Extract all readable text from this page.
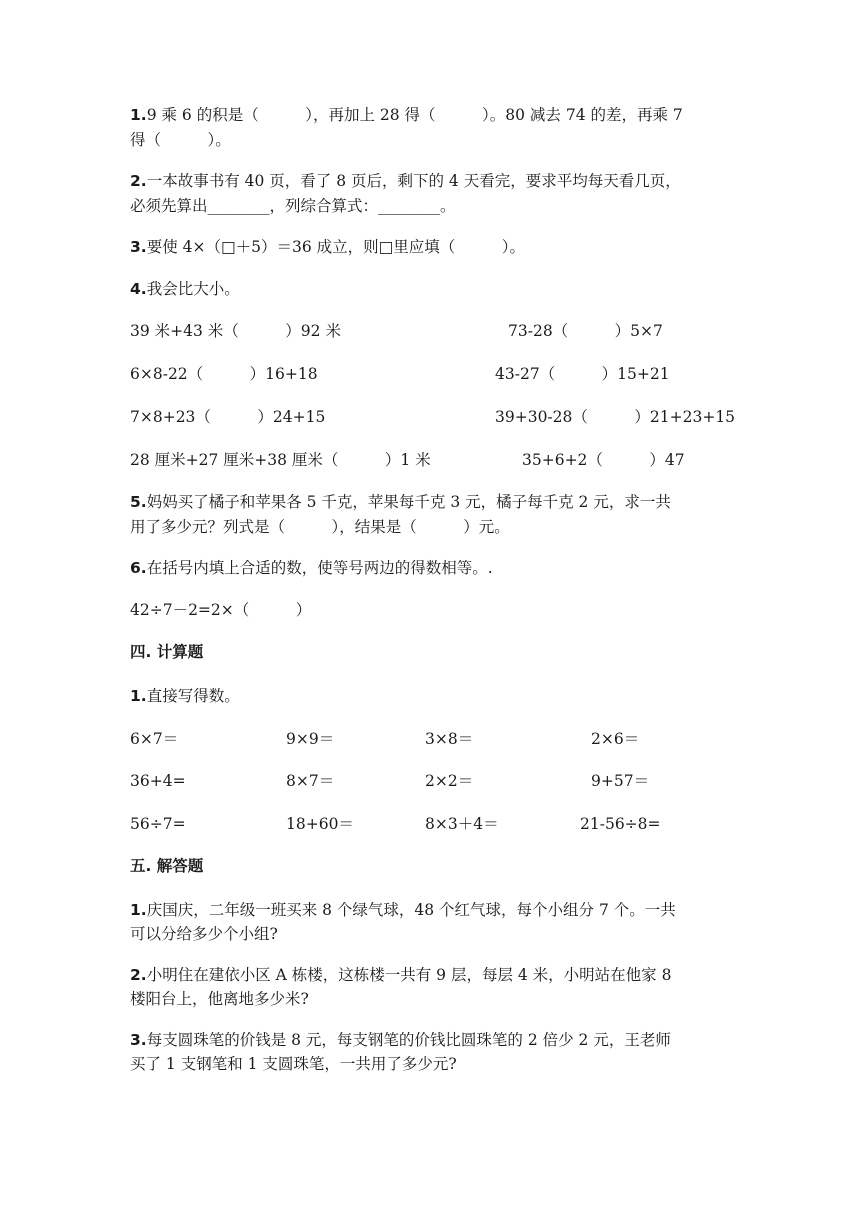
1.9 乘 6 的积是（　　　），再加上 28 得（　　　）。80 减去 74 的差，再乘 7
得（　　　）。
2.一本故事书有 40 页，看了 8 页后，剩下的 4 天看完，要求平均每天看几页，
必须先算出________，列综合算式：________。
3.要使 4×（□＋5）＝36 成立，则□里应填（　　　）。
4.我会比大小。
39 米+43 米（　　　）92 米	73-28（　　　）5×7
6×8-22（　　　）16+18	43-27（　　　）15+21
7×8+23（　　　）24+15	39+30-28（　　　）21+23+15
28 厘米+27 厘米+38 厘米（　　　）1 米	35+6+2（　　　）47
5.妈妈买了橘子和苹果各 5 千克，苹果每千克 3 元，橘子每千克 2 元，求一共
用了多少元？列式是（　　　），结果是（　　　）元。
6.在括号内填上合适的数，使等号两边的得数相等。.
42÷7－2=2×（　　　）
四. 计算题
1.直接写得数。
6×7＝	9×9＝	3×8＝	2×6＝
36+4=	8×7＝	2×2＝	9+57＝
56÷7=	18+60＝	8×3＋4＝	21-56÷8=
五. 解答题
1.庆国庆，二年级一班买来 8 个绿气球，48 个红气球，每个小组分 7 个。一共
可以分给多少个小组?
2.小明住在建依小区 A 栋楼，这栋楼一共有 9 层，每层 4 米，小明站在他家 8
楼阳台上，他离地多少米?
3.每支圆珠笔的价钱是 8 元，每支钢笔的价钱比圆珠笔的 2 倍少 2 元，王老师
买了 1 支钢笔和 1 支圆珠笔，一共用了多少元?
